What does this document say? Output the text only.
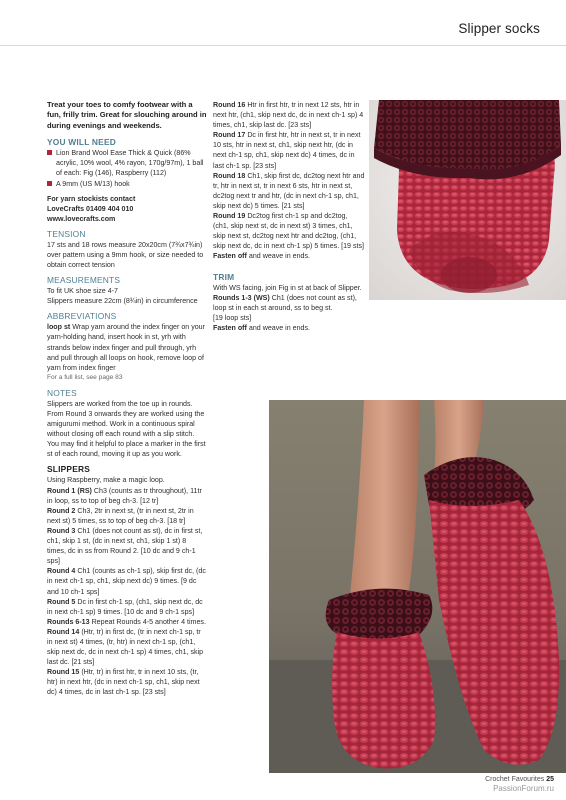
Slipper socks

Treat your toes to comfy footwear with a fun, frilly trim. Great for slouching around in during evenings and weekends.

YOU WILL NEED

Lion Brand Wool Ease Thick & Quick (86% acrylic, 10% wool, 4% rayon, 170g/97m), 1 ball of each: Fig (146), Raspberry (112)

A 9mm (US M/13) hook

For yarn stockists contact

LoveCrafts 01409 404 010

www.lovecrafts.com

TENSION

17 sts and 18 rows measure 20x20cm (7¾x7¾in) over pattern using a 9mm hook, or size needed to obtain correct tension

MEASUREMENTS

To fit UK shoe size 4-7

Slippers measure 22cm (8¾in) in circumference

ABBREVIATIONS

loop st Wrap yarn around the index finger on your yarn-holding hand, insert hook in st, yrh with strands below index finger and pull through, yrh and pull through all loops on hook, remove loop of yarn from index finger

For a full list, see page 83

NOTES

Slippers are worked from the toe up in rounds. From Round 3 onwards they are worked using the amigurumi method. Work in a continuous spiral without closing off each round with a slip stitch. You may find it helpful to place a marker in the first st of each round, moving it up as you work.

SLIPPERS

Using Raspberry, make a magic loop.

Round 1 (RS) Ch3 (counts as tr throughout), 11tr in loop, ss to top of beg ch-3. [12 tr]

Round 2 Ch3, 2tr in next st, (tr in next st, 2tr in next st) 5 times, ss to top of beg ch-3. [18 tr]

Round 3 Ch1 (does not count as st), dc in first st, ch1, skip 1 st, (dc in next st, ch1, skip 1 st) 8 times, dc in ss from Round 2. [10 dc and 9 ch-1 sps]

Round 4 Ch1 (counts as ch-1 sp), skip first dc, (dc in next ch-1 sp, ch1, skip next dc) 9 times. [9 dc and 10 ch-1 sps]

Round 5 Dc in first ch-1 sp, (ch1, skip next dc, dc in next ch-1 sp) 9 times. [10 dc and 9 ch-1 sps]

Rounds 6-13 Repeat Rounds 4-5 another 4 times.

Round 14 (Htr, tr) in first dc, (tr in next ch-1 sp, tr in next st) 4 times, (tr, htr) in next ch-1 sp, (ch1, skip next dc, dc in next ch-1 sp) 4 times, ch1, skip last dc. [21 sts]

Round 15 (Htr, tr) in first htr, tr in next 10 sts, (tr, htr) in next htr, (dc in next ch-1 sp, ch1, skip next dc) 4 times, dc in last ch-1 sp. [23 sts]

Round 16 Htr in first htr, tr in next 12 sts, htr in next htr, (ch1, skip next dc, dc in next ch-1 sp) 4 times, ch1, skip last dc. [23 sts]

Round 17 Dc in first htr, htr in next st, tr in next 10 sts, htr in next st, ch1, skip next htr, (dc in next ch-1 sp, ch1, skip next dc) 4 times, dc in last ch-1 sp. [23 sts]

Round 18 Ch1, skip first dc, dc2tog next htr and tr, htr in next st, tr in next 6 sts, htr in next st, dc2tog next tr and htr, (dc in next ch-1 sp, ch1, skip next dc) 5 times. [21 sts]

Round 19 Dc2tog first ch-1 sp and dc2tog, (ch1, skip next st, dc in next st) 3 times, ch1, skip next st, dc2tog next htr and dc2tog, (ch1, skip next dc, dc in next ch-1 sp) 5 times. [19 sts]

Fasten off and weave in ends.

TRIM

With WS facing, join Fig in st at back of Slipper.

Rounds 1-3 (WS) Ch1 (does not count as st), loop st in each st around, ss to beg st.

[19 loop sts]

Fasten off and weave in ends.

Crochet Favourites 25
PassionForum.ru
